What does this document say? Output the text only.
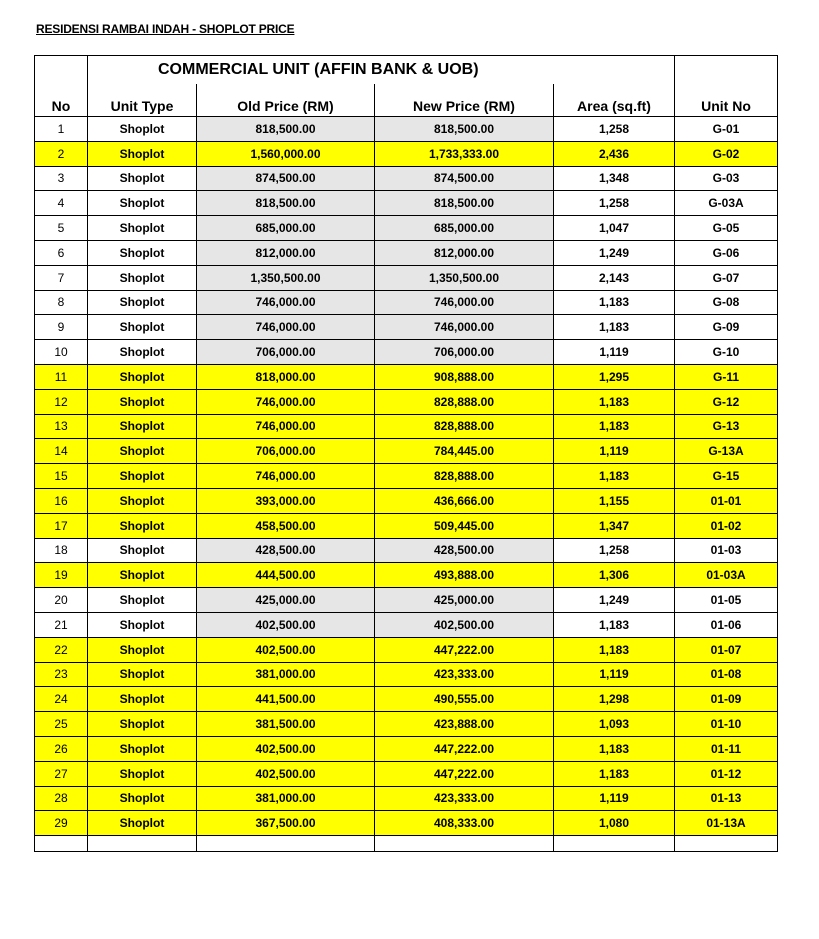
RESIDENSI RAMBAI INDAH - SHOPLOT PRICE
	COMMERCIAL UNIT (AFFIN BANK & UOB)				
No	Unit Type	Old Price (RM)	New Price (RM)	Area (sq.ft)	Unit No
1	Shoplot	818,500.00	818,500.00	1,258	G-01
2	Shoplot	1,560,000.00	1,733,333.00	2,436	G-02
3	Shoplot	874,500.00	874,500.00	1,348	G-03
4	Shoplot	818,500.00	818,500.00	1,258	G-03A
5	Shoplot	685,000.00	685,000.00	1,047	G-05
6	Shoplot	812,000.00	812,000.00	1,249	G-06
7	Shoplot	1,350,500.00	1,350,500.00	2,143	G-07
8	Shoplot	746,000.00	746,000.00	1,183	G-08
9	Shoplot	746,000.00	746,000.00	1,183	G-09
10	Shoplot	706,000.00	706,000.00	1,119	G-10
11	Shoplot	818,000.00	908,888.00	1,295	G-11
12	Shoplot	746,000.00	828,888.00	1,183	G-12
13	Shoplot	746,000.00	828,888.00	1,183	G-13
14	Shoplot	706,000.00	784,445.00	1,119	G-13A
15	Shoplot	746,000.00	828,888.00	1,183	G-15
16	Shoplot	393,000.00	436,666.00	1,155	01-01
17	Shoplot	458,500.00	509,445.00	1,347	01-02
18	Shoplot	428,500.00	428,500.00	1,258	01-03
19	Shoplot	444,500.00	493,888.00	1,306	01-03A
20	Shoplot	425,000.00	425,000.00	1,249	01-05
21	Shoplot	402,500.00	402,500.00	1,183	01-06
22	Shoplot	402,500.00	447,222.00	1,183	01-07
23	Shoplot	381,000.00	423,333.00	1,119	01-08
24	Shoplot	441,500.00	490,555.00	1,298	01-09
25	Shoplot	381,500.00	423,888.00	1,093	01-10
26	Shoplot	402,500.00	447,222.00	1,183	01-11
27	Shoplot	402,500.00	447,222.00	1,183	01-12
28	Shoplot	381,000.00	423,333.00	1,119	01-13
29	Shoplot	367,500.00	408,333.00	1,080	01-13A
